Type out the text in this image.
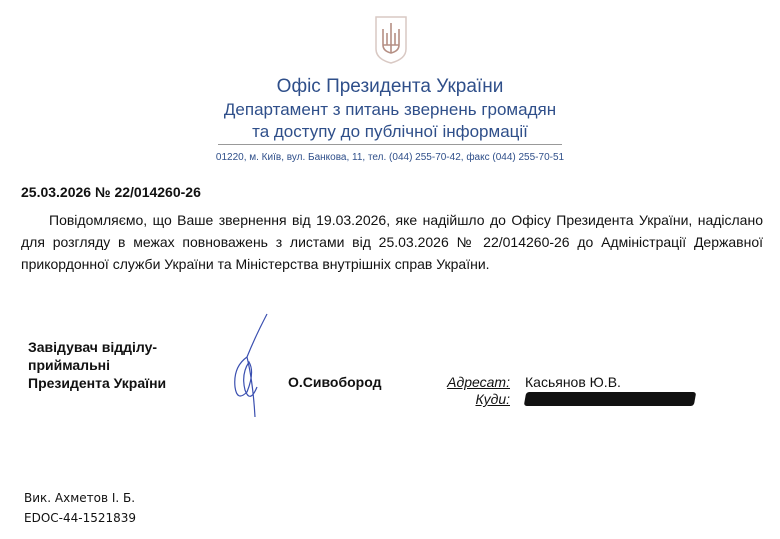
Офіс Президента України
Департамент з питань звернень громадян
та доступу до публічної інформації
01220, м. Київ, вул. Банкова, 11, тел. (044) 255-70-42, факс (044) 255-70-51
25.03.2026 № 22/014260-26

Повідомляємо, що Ваше звернення від 19.03.2026, яке надійшло до Офісу Президента України, надіслано для розгляду в межах повноважень з листами від 25.03.2026 № 22/014260-26 до Адміністрації Державної прикордонної служби України та Міністерства внутрішніх справ України.

Завідувач відділу-
приймальні
Президента України	О.Сивобород	Адресат: Касьянов Ю.В.
Куди:
Вик. Ахметов І. Б.
EDOC-44-1521839
